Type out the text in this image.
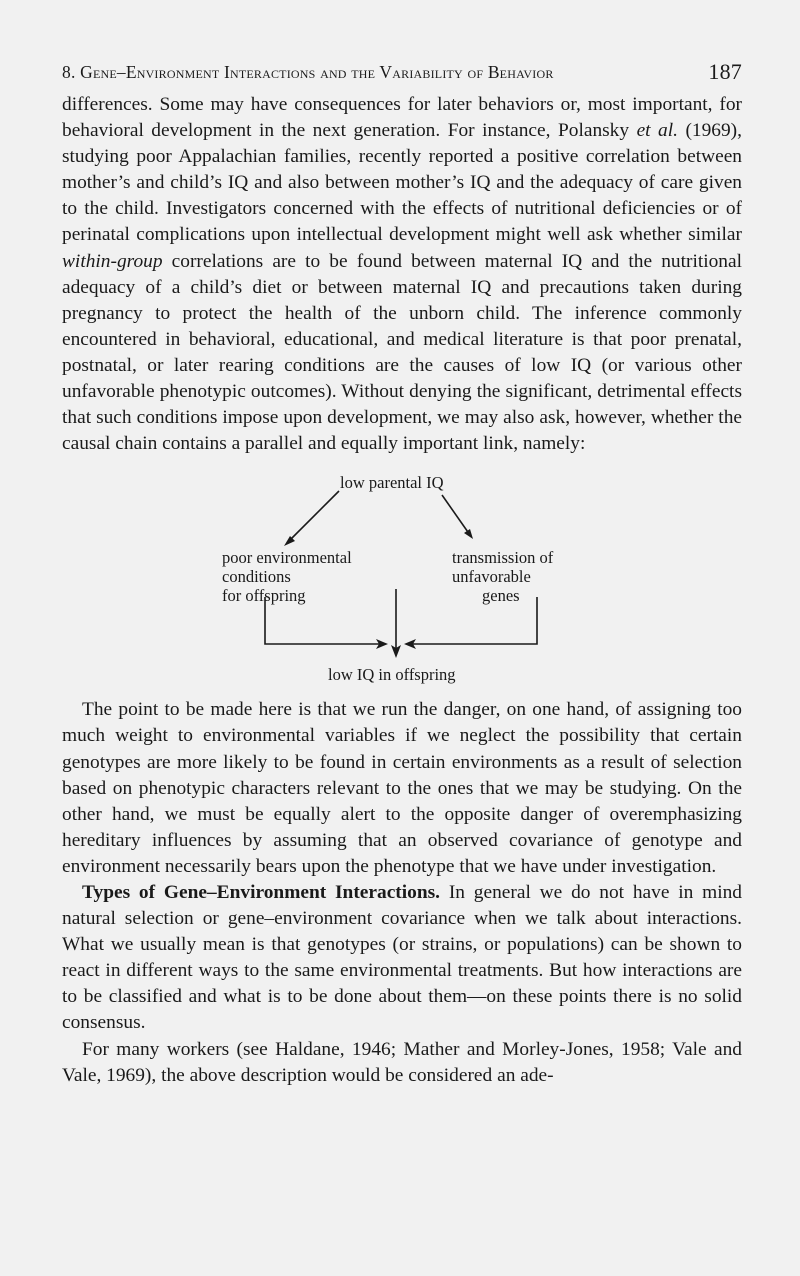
8. Gene–Environment Interactions and the Variability of Behavior	187

differences. Some may have consequences for later behaviors or, most important, for behavioral development in the next generation. For instance, Polansky et al. (1969), studying poor Appalachian families, recently reported a positive correlation between mother’s and child’s IQ and also between mother’s IQ and the adequacy of care given to the child. Investigators concerned with the effects of nutritional deficiencies or of perinatal complications upon intellectual development might well ask whether similar within-group correlations are to be found between maternal IQ and the nutritional adequacy of a child’s diet or between maternal IQ and precautions taken during pregnancy to protect the health of the unborn child. The inference commonly encountered in behavioral, educational, and medical literature is that poor prenatal, postnatal, or later rearing conditions are the causes of low IQ (or various other unfavorable phenotypic outcomes). Without denying the significant, detrimental effects that such conditions impose upon development, we may also ask, however, whether the causal chain contains a parallel and equally important link, namely:

low parental IQ
poor environmental
conditions
for offspring
transmission of
unfavorable
genes
low IQ in offspring

The point to be made here is that we run the danger, on one hand, of assigning too much weight to environmental variables if we neglect the possibility that certain genotypes are more likely to be found in certain environments as a result of selection based on phenotypic characters relevant to the ones that we may be studying. On the other hand, we must be equally alert to the opposite danger of overemphasizing hereditary influences by assuming that an observed covariance of genotype and environment necessarily bears upon the phenotype that we have under investigation.

Types of Gene–Environment Interactions. In general we do not have in mind natural selection or gene–environment covariance when we talk about interactions. What we usually mean is that genotypes (or strains, or populations) can be shown to react in different ways to the same environmental treatments. But how interactions are to be classified and what is to be done about them—on these points there is no solid consensus.

For many workers (see Haldane, 1946; Mather and Morley-Jones, 1958; Vale and Vale, 1969), the above description would be considered an ade-
